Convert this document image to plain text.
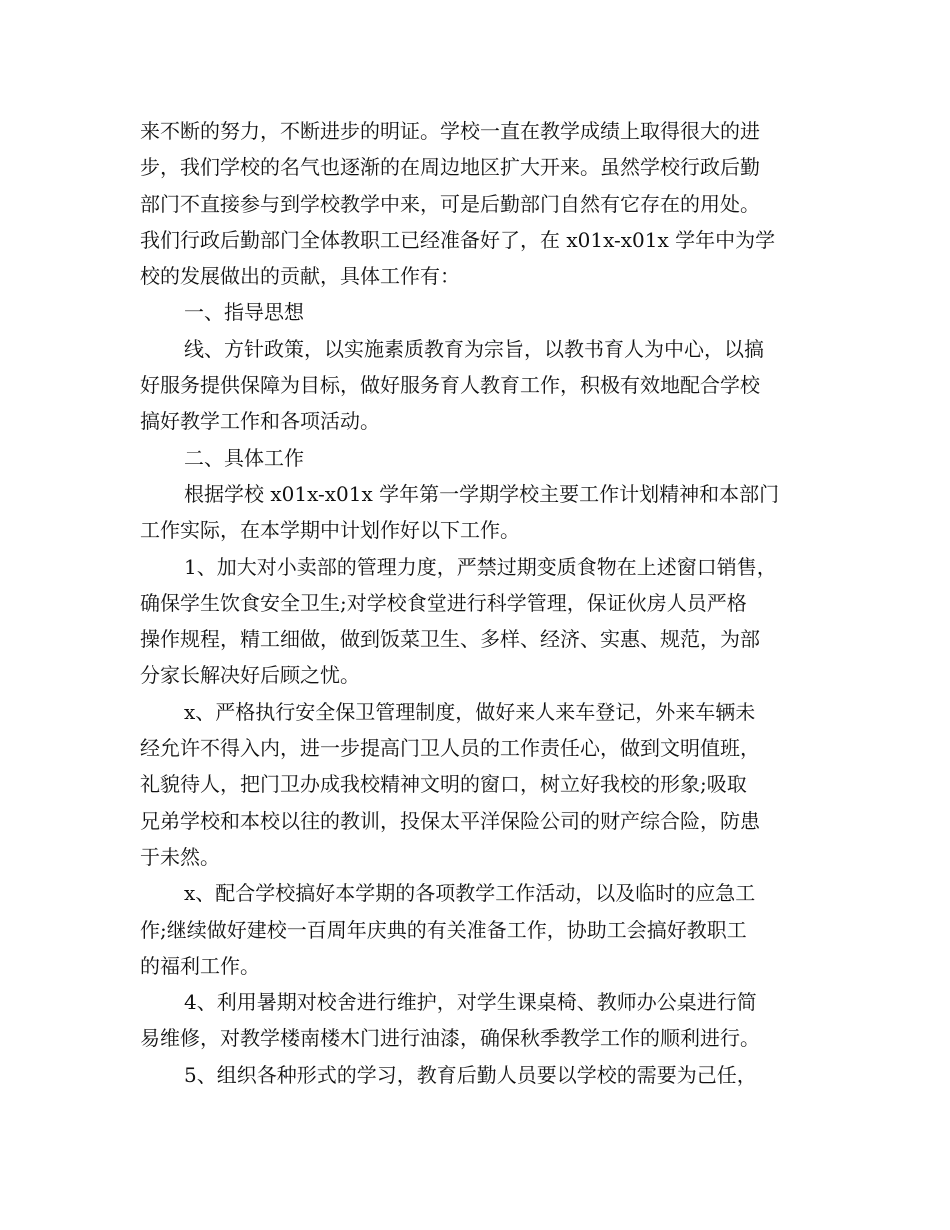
来不断的努力，不断进步的明证。学校一直在教学成绩上取得很大的进
步，我们学校的名气也逐渐的在周边地区扩大开来。虽然学校行政后勤
部门不直接参与到学校教学中来，可是后勤部门自然有它存在的用处。
我们行政后勤部门全体教职工已经准备好了，在 x01x-x01x 学年中为学
校的发展做出的贡献，具体工作有：
一、指导思想
线、方针政策，以实施素质教育为宗旨，以教书育人为中心，以搞
好服务提供保障为目标，做好服务育人教育工作，积极有效地配合学校
搞好教学工作和各项活动。
二、具体工作
根据学校 x01x-x01x 学年第一学期学校主要工作计划精神和本部门
工作实际，在本学期中计划作好以下工作。
1、加大对小卖部的管理力度，严禁过期变质食物在上述窗口销售，
确保学生饮食安全卫生;对学校食堂进行科学管理，保证伙房人员严格
操作规程，精工细做，做到饭菜卫生、多样、经济、实惠、规范，为部
分家长解决好后顾之忧。
x、严格执行安全保卫管理制度，做好来人来车登记，外来车辆未
经允许不得入内，进一步提高门卫人员的工作责任心，做到文明值班，
礼貌待人，把门卫办成我校精神文明的窗口，树立好我校的形象;吸取
兄弟学校和本校以往的教训，投保太平洋保险公司的财产综合险，防患
于未然。
x、配合学校搞好本学期的各项教学工作活动，以及临时的应急工
作;继续做好建校一百周年庆典的有关准备工作，协助工会搞好教职工
的福利工作。
4、利用暑期对校舍进行维护，对学生课桌椅、教师办公桌进行简
易维修，对教学楼南楼木门进行油漆，确保秋季教学工作的顺利进行。
5、组织各种形式的学习，教育后勤人员要以学校的需要为己任，
